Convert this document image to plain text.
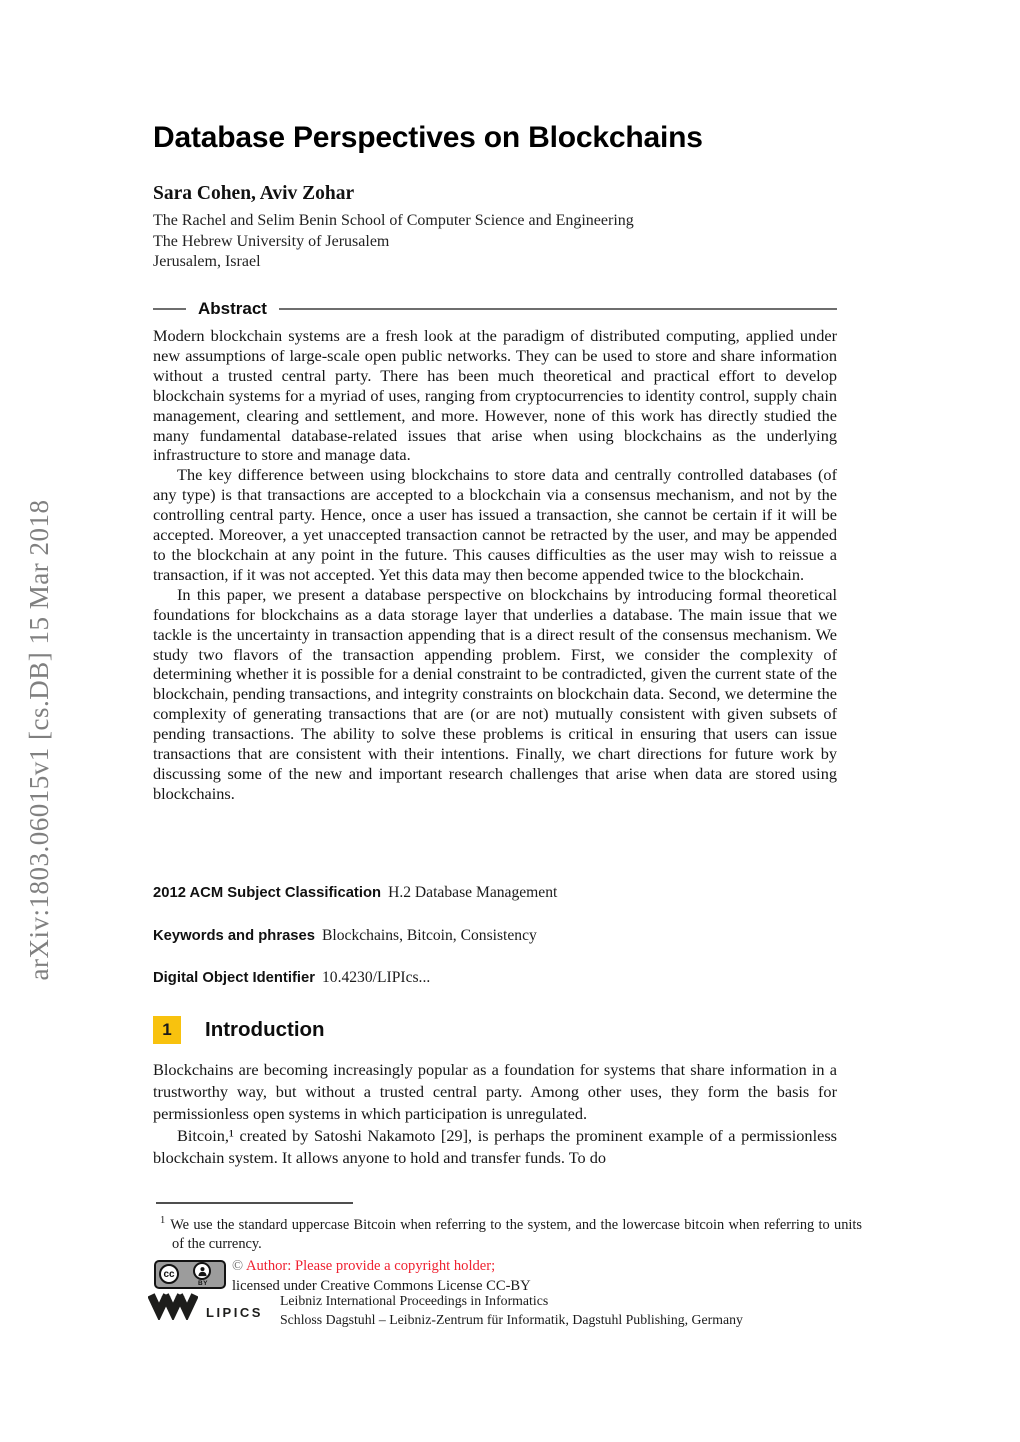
arXiv:1803.06015v1 [cs.DB] 15 Mar 2018
Database Perspectives on Blockchains
Sara Cohen, Aviv Zohar
The Rachel and Selim Benin School of Computer Science and Engineering
The Hebrew University of Jerusalem
Jerusalem, Israel
Abstract

Modern blockchain systems are a fresh look at the paradigm of distributed computing, applied under new assumptions of large-scale open public networks. They can be used to store and share information without a trusted central party. There has been much theoretical and practical effort to develop blockchain systems for a myriad of uses, ranging from cryptocurrencies to identity control, supply chain management, clearing and settlement, and more. However, none of this work has directly studied the many fundamental database-related issues that arise when using blockchains as the underlying infrastructure to store and manage data.

The key difference between using blockchains to store data and centrally controlled databases (of any type) is that transactions are accepted to a blockchain via a consensus mechanism, and not by the controlling central party. Hence, once a user has issued a transaction, she cannot be certain if it will be accepted. Moreover, a yet unaccepted transaction cannot be retracted by the user, and may be appended to the blockchain at any point in the future. This causes difficulties as the user may wish to reissue a transaction, if it was not accepted. Yet this data may then become appended twice to the blockchain.

In this paper, we present a database perspective on blockchains by introducing formal theoretical foundations for blockchains as a data storage layer that underlies a database. The main issue that we tackle is the uncertainty in transaction appending that is a direct result of the consensus mechanism. We study two flavors of the transaction appending problem. First, we consider the complexity of determining whether it is possible for a denial constraint to be contradicted, given the current state of the blockchain, pending transactions, and integrity constraints on blockchain data. Second, we determine the complexity of generating transactions that are (or are not) mutually consistent with given subsets of pending transactions. The ability to solve these problems is critical in ensuring that users can issue transactions that are consistent with their intentions. Finally, we chart directions for future work by discussing some of the new and important research challenges that arise when data are stored using blockchains.

2012 ACM Subject Classification H.2 Database Management
Keywords and phrases Blockchains, Bitcoin, Consistency
Digital Object Identifier 10.4230/LIPIcs...
1	Introduction

Blockchains are becoming increasingly popular as a foundation for systems that share information in a trustworthy way, but without a trusted central party. Among other uses, they form the basis for permissionless open systems in which participation is unregulated.

Bitcoin,¹ created by Satoshi Nakamoto [29], is perhaps the prominent example of a permissionless blockchain system. It allows anyone to hold and transfer funds. To do

$^1$ We use the standard uppercase Bitcoin when referring to the system, and the lowercase bitcoin when referring to units of the currency.
cc
BY
© Author: Please provide a copyright holder;
licensed under Creative Commons License CC-BY
LIPICS
Leibniz International Proceedings in Informatics
Schloss Dagstuhl – Leibniz-Zentrum für Informatik, Dagstuhl Publishing, Germany
